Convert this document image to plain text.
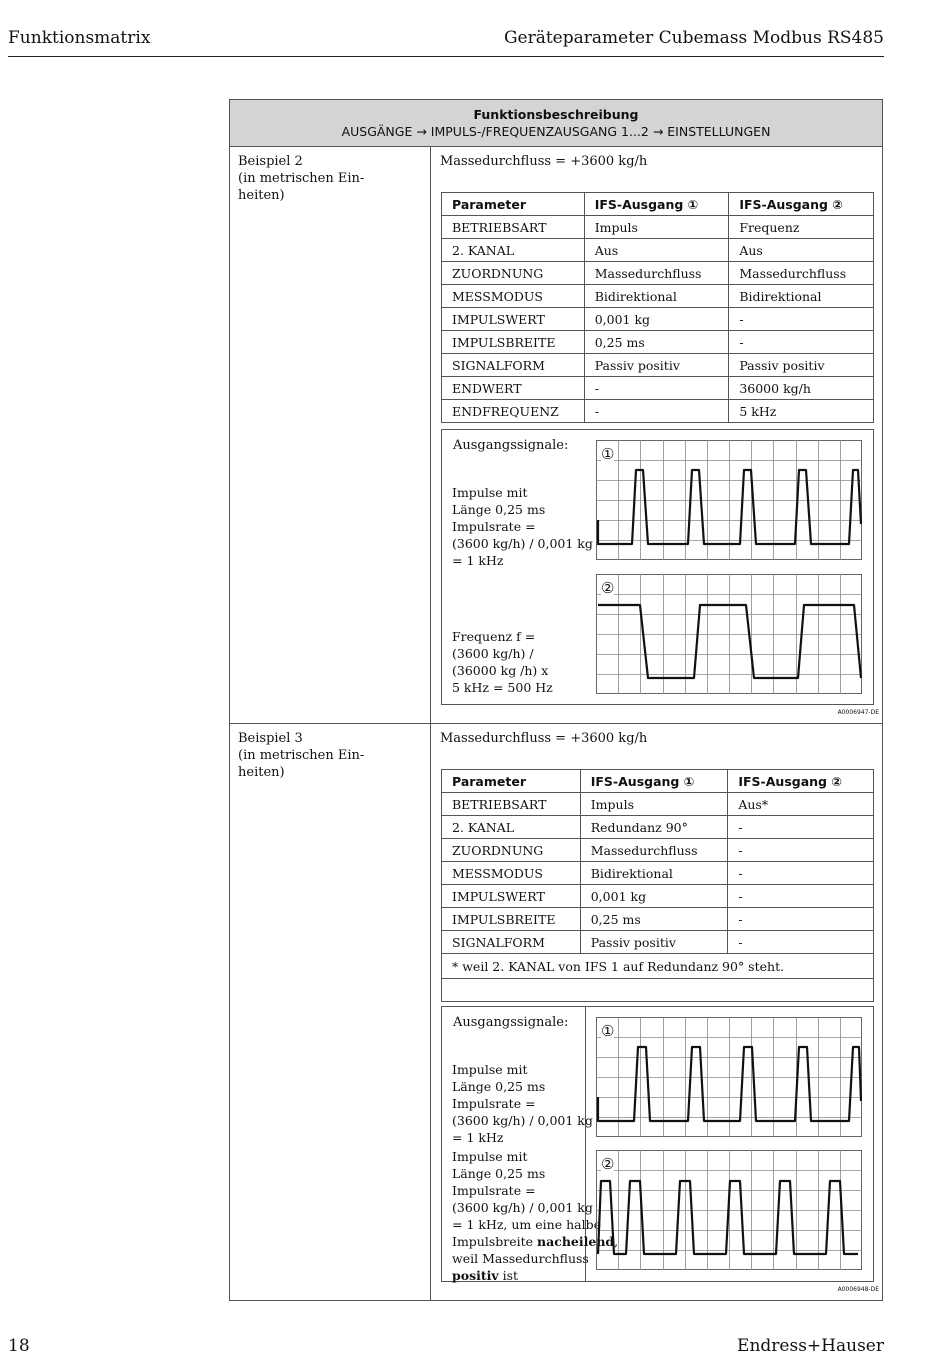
Funktionsmatrix	Geräteparameter Cubemass Modbus RS485
Funktionsbeschreibung
AUSGÄNGE → IMPULS-/FREQUENZAUSGANG 1...2 → EINSTELLUNGEN
Beispiel 2
(in metrischen Ein-
heiten)
Massedurchfluss = +3600 kg/h
Parameter	IFS-Ausgang ①	IFS-Ausgang ②
BETRIEBSART	Impuls	Frequenz
2. KANAL	Aus	Aus
ZUORDNUNG	Massedurchfluss	Massedurchfluss
MESSMODUS	Bidirektional	Bidirektional
IMPULSWERT	0,001 kg	-
IMPULSBREITE	0,25 ms	-
SIGNALFORM	Passiv positiv	Passiv positiv
ENDWERT	-	36000 kg/h
ENDFREQUENZ	-	5 kHz
Ausgangssignale:
Impulse mit
Länge 0,25 ms
Impulsrate =
(3600 kg/h) / 0,001 kg
= 1 kHz
Frequenz f =
(3600 kg/h) /
(36000 kg /h) x
5 kHz = 500 Hz
①
②
A0006947-DE
Beispiel 3
(in metrischen Ein-
heiten)
Massedurchfluss = +3600 kg/h
Parameter	IFS-Ausgang ①	IFS-Ausgang ②
BETRIEBSART	Impuls	Aus*
2. KANAL	Redundanz 90°	-
ZUORDNUNG	Massedurchfluss	-
MESSMODUS	Bidirektional	-
IMPULSWERT	0,001 kg	-
IMPULSBREITE	0,25 ms	-
SIGNALFORM	Passiv positiv	-
* weil 2. KANAL von IFS 1 auf Redundanz 90° steht.		

Ausgangssignale:
Impulse mit
Länge 0,25 ms
Impulsrate =
(3600 kg/h) / 0,001 kg
= 1 kHz
Impulse mit
Länge 0,25 ms
Impulsrate =
(3600 kg/h) / 0,001 kg
= 1 kHz, um eine halbe
Impulsbreite nacheilend,
weil Massedurchfluss
positiv ist
①
②
A0006948-DE
18	Endress+Hauser
